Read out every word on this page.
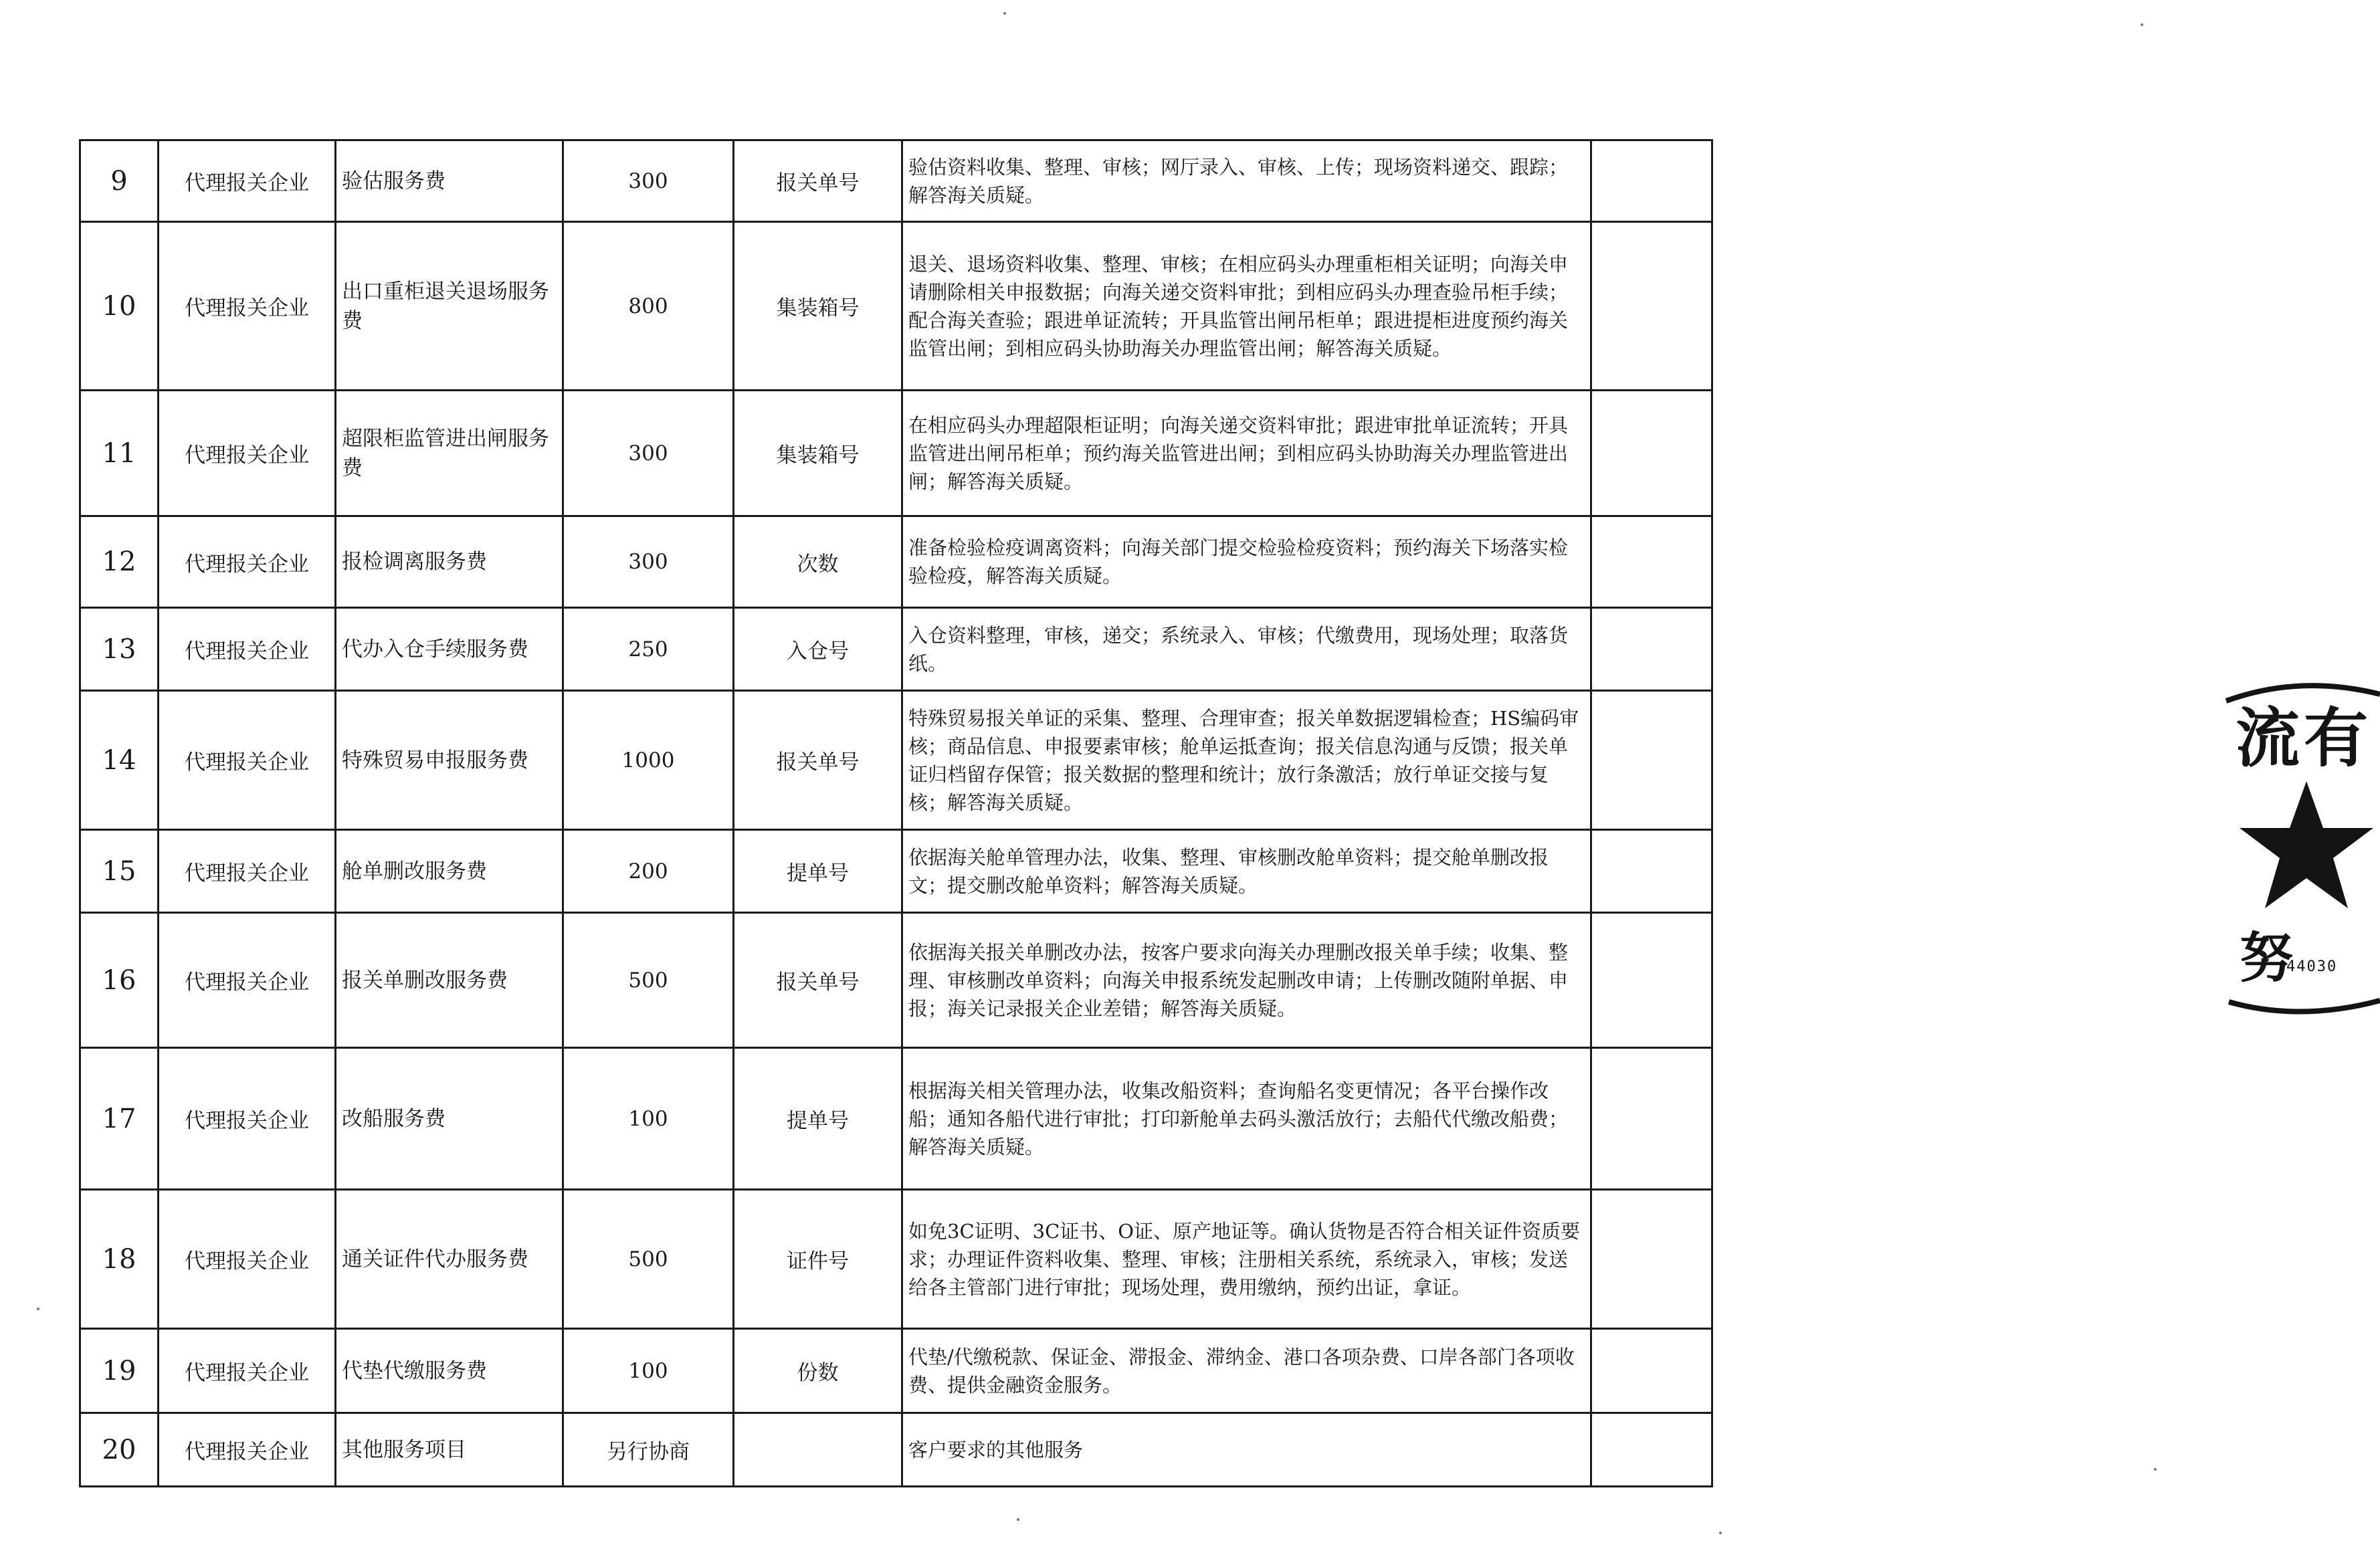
9	代理报关企业	验估服务费	300	报关单号	验估资料收集、整理、审核；网厅录入、审核、上传；现场资料递交、跟踪；解答海关质疑。	
10	代理报关企业	出口重柜退关退场服务费	800	集装箱号	退关、退场资料收集、整理、审核；在相应码头办理重柜相关证明；向海关申请删除相关申报数据；向海关递交资料审批；到相应码头办理查验吊柜手续；配合海关查验；跟进单证流转；开具监管出闸吊柜单；跟进提柜进度预约海关监管出闸；到相应码头协助海关办理监管出闸；解答海关质疑。	
11	代理报关企业	超限柜监管进出闸服务费	300	集装箱号	在相应码头办理超限柜证明；向海关递交资料审批；跟进审批单证流转；开具监管进出闸吊柜单；预约海关监管进出闸；到相应码头协助海关办理监管进出闸；解答海关质疑。	
12	代理报关企业	报检调离服务费	300	次数	准备检验检疫调离资料；向海关部门提交检验检疫资料；预约海关下场落实检验检疫，解答海关质疑。	
13	代理报关企业	代办入仓手续服务费	250	入仓号	入仓资料整理，审核，递交；系统录入、审核；代缴费用，现场处理；取落货纸。	
14	代理报关企业	特殊贸易申报服务费	1000	报关单号	特殊贸易报关单证的采集、整理、合理审查；报关单数据逻辑检查；HS编码审核；商品信息、申报要素审核；舱单运抵查询；报关信息沟通与反馈；报关单证归档留存保管；报关数据的整理和统计；放行条激活；放行单证交接与复核；解答海关质疑。	
15	代理报关企业	舱单删改服务费	200	提单号	依据海关舱单管理办法，收集、整理、审核删改舱单资料；提交舱单删改报文；提交删改舱单资料；解答海关质疑。	
16	代理报关企业	报关单删改服务费	500	报关单号	依据海关报关单删改办法，按客户要求向海关办理删改报关单手续；收集、整理、审核删改单资料；向海关申报系统发起删改申请；上传删改随附单据、申报；海关记录报关企业差错；解答海关质疑。	
17	代理报关企业	改船服务费	100	提单号	根据海关相关管理办法，收集改船资料；查询船名变更情况；各平台操作改船；通知各船代进行审批；打印新舱单去码头激活放行；去船代代缴改船费；解答海关质疑。	
18	代理报关企业	通关证件代办服务费	500	证件号	如免3C证明、3C证书、O证、原产地证等。确认货物是否符合相关证件资质要求；办理证件资料收集、整理、审核；注册相关系统，系统录入，审核；发送给各主管部门进行审批；现场处理，费用缴纳，预约出证，拿证。	
19	代理报关企业	代垫代缴服务费	100	份数	代垫/代缴税款、保证金、滞报金、滞纳金、港口各项杂费、口岸各部门各项收费、提供金融资金服务。	
20	代理报关企业	其他服务项目	另行协商		客户要求的其他服务	
流有
努
44030
